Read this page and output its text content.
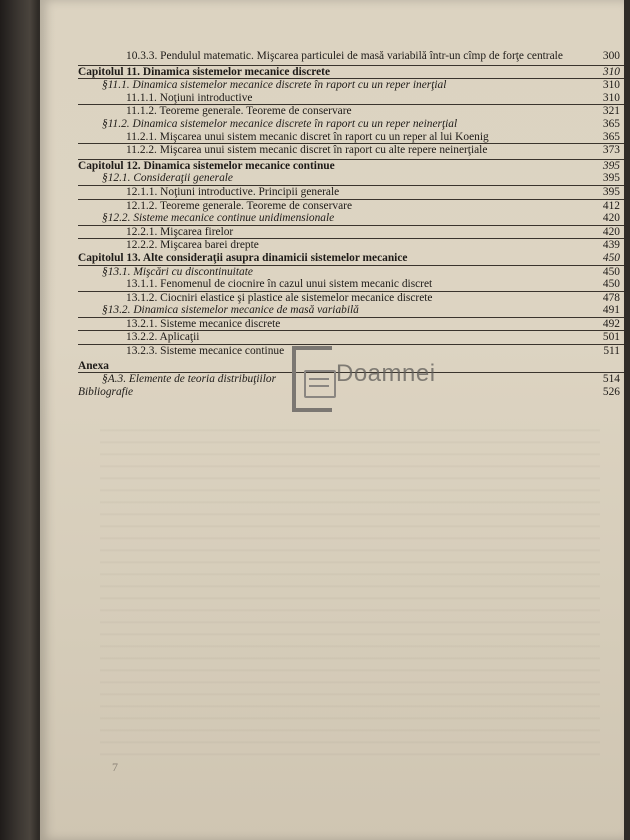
10.3.3. Pendulul matematic. Mişcarea particulei de masă variabilă într-un cîmp de forţe centrale	300
Capitolul 11. Dinamica sistemelor mecanice discrete	310
§11.1. Dinamica sistemelor mecanice discrete în raport cu un reper inerţial	310
11.1.1. Noţiuni introductive	310
11.1.2. Teoreme generale. Teoreme de conservare	321
§11.2. Dinamica sistemelor mecanice discrete în raport cu un reper neinerţial	365
11.2.1. Mişcarea unui sistem mecanic discret în raport cu un reper al lui Koenig	365
11.2.2. Mişcarea unui sistem mecanic discret în raport cu alte repere neinerţiale	373
Capitolul 12. Dinamica sistemelor mecanice continue	395
§12.1. Consideraţii generale	395
12.1.1. Noţiuni introductive. Principii generale	395
12.1.2. Teoreme generale. Teoreme de conservare	412
§12.2. Sisteme mecanice continue unidimensionale	420
12.2.1. Mişcarea firelor	420
12.2.2. Mişcarea barei drepte	439
Capitolul 13. Alte consideraţii asupra dinamicii sistemelor mecanice	450
§13.1. Mişcări cu discontinuitate	450
13.1.1. Fenomenul de ciocnire în cazul unui sistem mecanic discret	450
13.1.2. Ciocniri elastice şi plastice ale sistemelor mecanice discrete	478
§13.2. Dinamica sistemelor mecanice de masă variabilă	491
13.2.1. Sisteme mecanice discrete	492
13.2.2. Aplicaţii	501
13.2.3. Sisteme mecanice continue	511
Anexa
§A.3. Elemente de teoria distribuţiilor	514
Bibliografie	526
Doamnei
7
